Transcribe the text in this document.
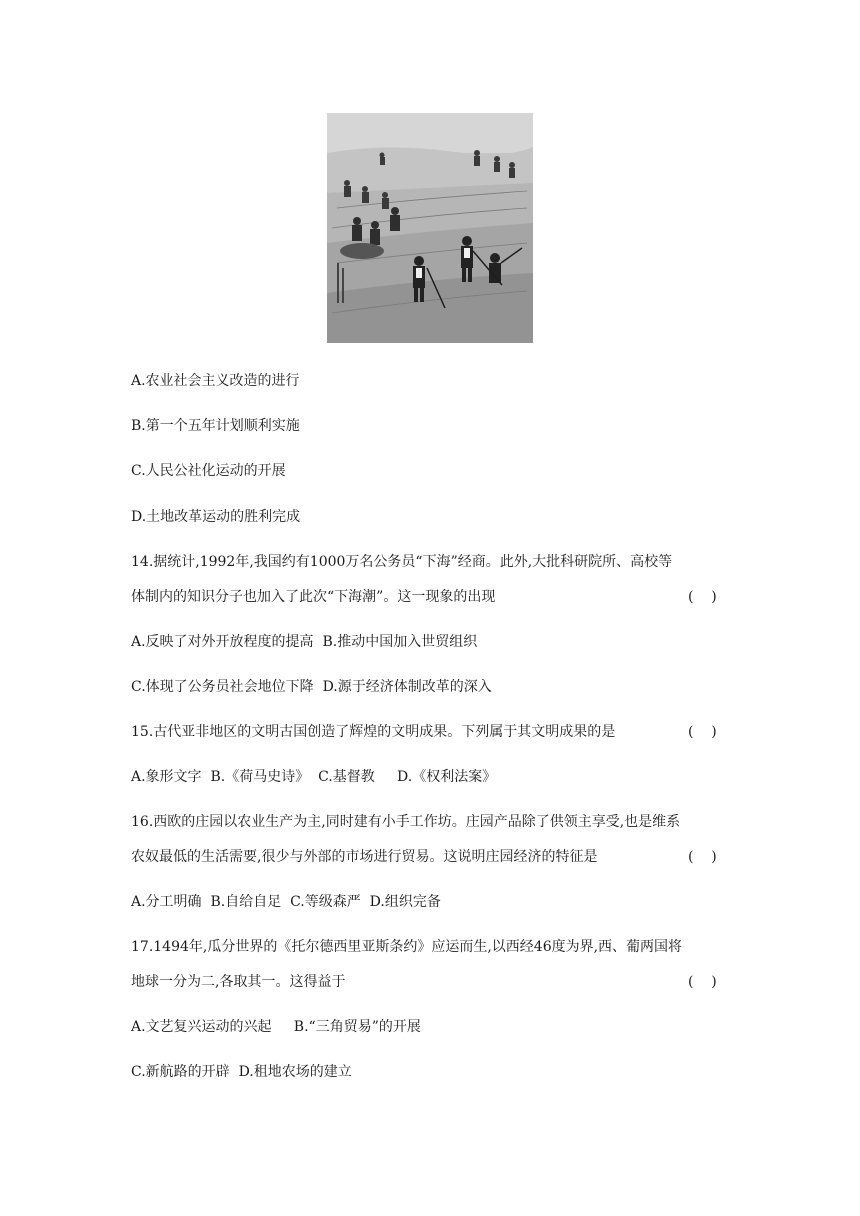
A.农业社会主义改造的进行
B.第一个五年计划顺利实施
C.人民公社化运动的开展
D.土地改革运动的胜利完成
14.据统计,1992年,我国约有1000万名公务员“下海”经商。此外,大批科研院所、高校等
体制内的知识分子也加入了此次“下海潮”。这一现象的出现	(    )
A.反映了对外开放程度的提高  B.推动中国加入世贸组织
C.体现了公务员社会地位下降  D.源于经济体制改革的深入
15.古代亚非地区的文明古国创造了辉煌的文明成果。下列属于其文明成果的是	(    )
A.象形文字  B.《荷马史诗》  C.基督教     D.《权利法案》
16.西欧的庄园以农业生产为主,同时建有小手工作坊。庄园产品除了供领主享受,也是维系
农奴最低的生活需要,很少与外部的市场进行贸易。这说明庄园经济的特征是	(    )
A.分工明确  B.自给自足  C.等级森严  D.组织完备
17.1494年,瓜分世界的《托尔德西里亚斯条约》应运而生,以西经46度为界,西、葡两国将
地球一分为二,各取其一。这得益于	(    )
A.文艺复兴运动的兴起     B.“三角贸易”的开展
C.新航路的开辟  D.租地农场的建立
